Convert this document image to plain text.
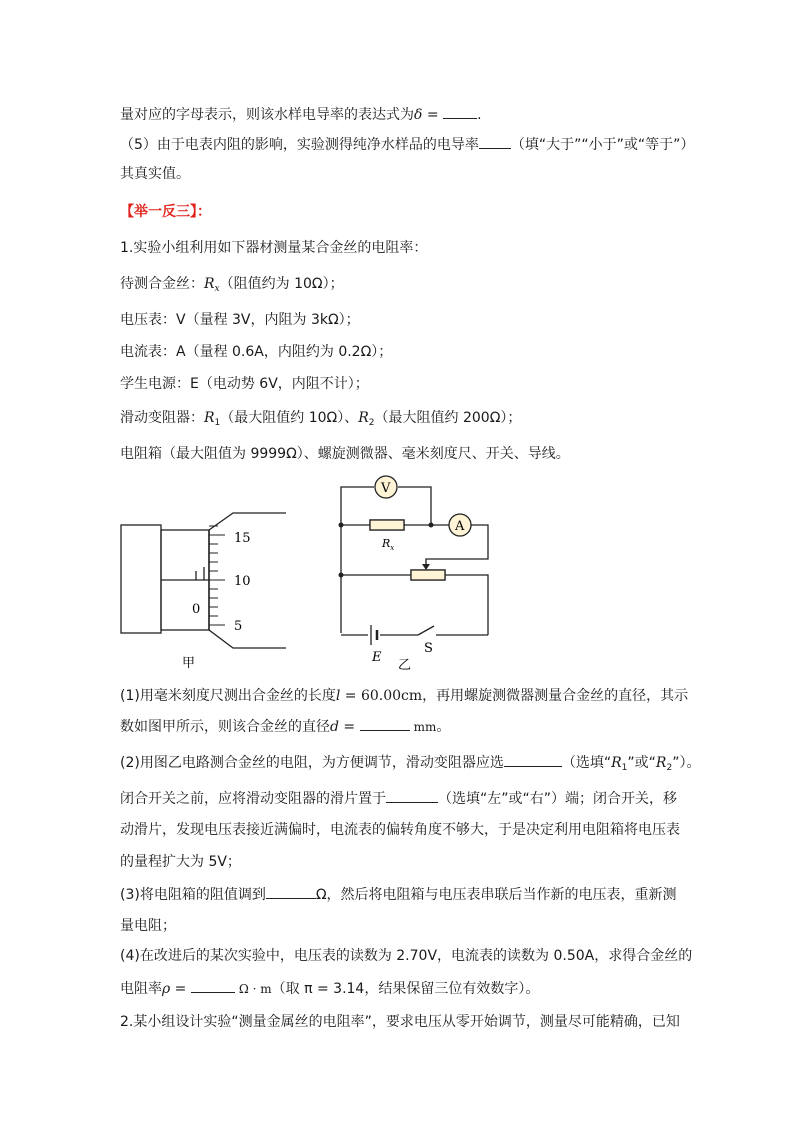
量对应的字母表示，则该水样电导率的表达式为δ = .
（5）由于电表内阻的影响，实验测得纯净水样品的电导率 （填“大于”“小于”或“等于”）
其真实值。
【举一反三】：
1.实验小组利用如下器材测量某合金丝的电阻率：
待测合金丝：$R_x$（阻值约为 10Ω）；
电压表：V（量程 3V，内阻为 3kΩ）；
电流表：A（量程 0.6A，内阻约为 0.2Ω）；
学生电源：E（电动势 6V，内阻不计）；
滑动变阻器：$R_1$（最大阻值约 10Ω）、$R_2$（最大阻值约 200Ω）；
电阻箱（最大阻值为 9999Ω）、螺旋测微器、毫米刻度尺、开关、导线。
15
10
5
0
甲
V
A
$R_x$
E
S
乙
(1)用毫米刻度尺测出合金丝的长度l = 60.00cm，再用螺旋测微器测量合金丝的直径，其示
数如图甲所示，则该合金丝的直径d =	mm。
(2)用图乙电路测合金丝的电阻，为方便调节，滑动变阻器应选	（选填“$R_1$”或“$R_2$”）。
闭合开关之前，应将滑动变阻器的滑片置于	（选填“左”或“右”）端；闭合开关，移
动滑片，发现电压表接近满偏时，电流表的偏转角度不够大，于是决定利用电阻箱将电压表
的量程扩大为 5V；
(3)将电阻箱的阻值调到	Ω，然后将电阻箱与电压表串联后当作新的电压表，重新测
量电阻；
(4)在改进后的某次实验中，电压表的读数为 2.70V，电流表的读数为 0.50A，求得合金丝的
电阻率ρ =	Ω · m（取 π = 3.14，结果保留三位有效数字）。
2.某小组设计实验“测量金属丝的电阻率”，要求电压从零开始调节，测量尽可能精确，已知
